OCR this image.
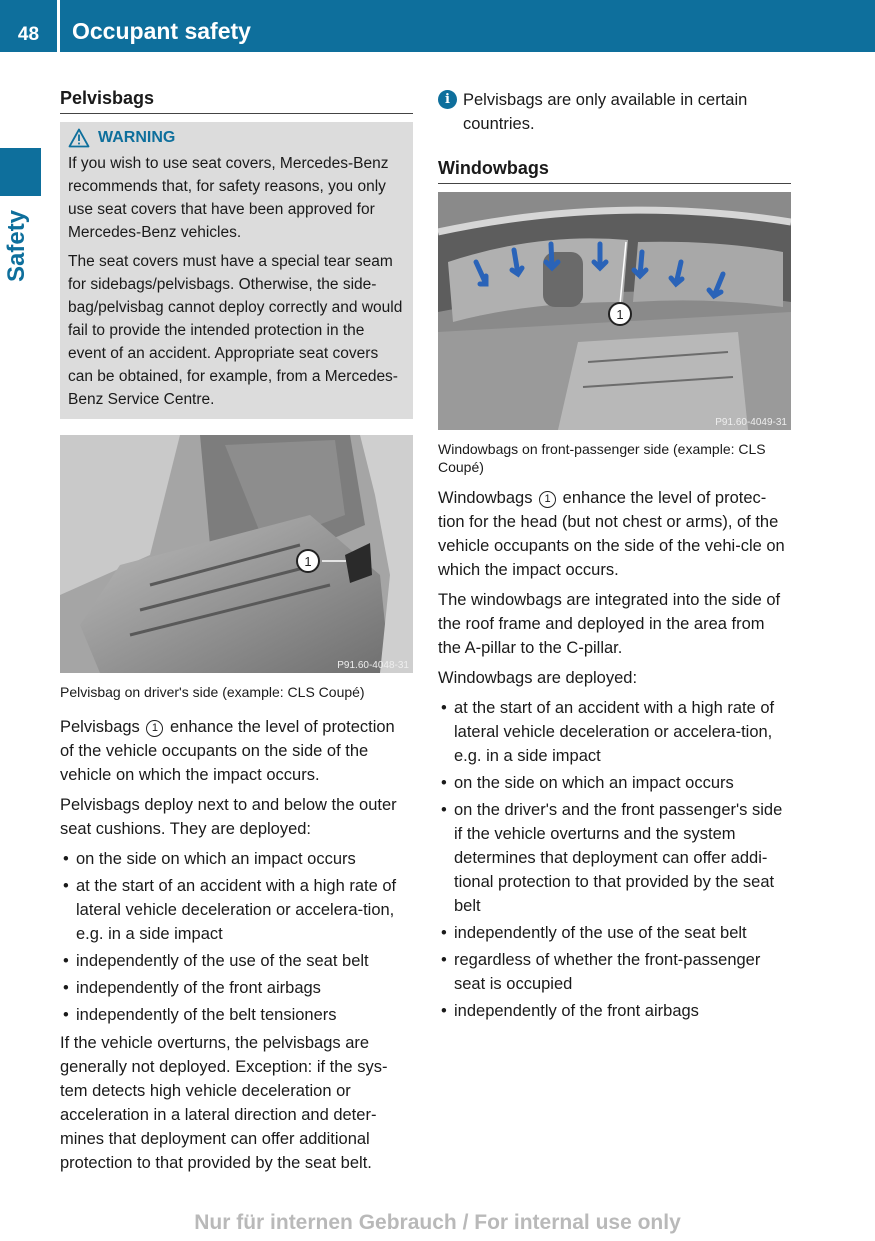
48	Occupant safety
Safety
Pelvisbags
WARNING

If you wish to use seat covers, Mercedes-Benz recommends that, for safety reasons, you only use seat covers that have been approved for Mercedes-Benz vehicles.

The seat covers must have a special tear seam for sidebags/pelvisbags. Otherwise, the side-bag/pelvisbag cannot deploy correctly and would fail to provide the intended protection in the event of an accident. Appropriate seat covers can be obtained, for example, from a Mercedes-Benz Service Centre.

1
P91.60-4048-31
Pelvisbag on driver's side (example: CLS Coupé)

Pelvisbags 1 enhance the level of protection of the vehicle occupants on the side of the vehicle on which the impact occurs.

Pelvisbags deploy next to and below the outer seat cushions. They are deployed:

• on the side on which an impact occurs
• at the start of an accident with a high rate of lateral vehicle deceleration or accelera-tion, e.g. in a side impact
• independently of the use of the seat belt
• independently of the front airbags
• independently of the belt tensioners

If the vehicle overturns, the pelvisbags are generally not deployed. Exception: if the sys-tem detects high vehicle deceleration or acceleration in a lateral direction and deter-mines that deployment can offer additional protection to that provided by the seat belt.

i Pelvisbags are only available in certain countries.
Windowbags
1
P91.60-4049-31
Windowbags on front-passenger side (example: CLS Coupé)

Windowbags 1 enhance the level of protec-tion for the head (but not chest or arms), of the vehicle occupants on the side of the vehi-cle on which the impact occurs.

The windowbags are integrated into the side of the roof frame and deployed in the area from the A-pillar to the C-pillar.

Windowbags are deployed:

• at the start of an accident with a high rate of lateral vehicle deceleration or accelera-tion, e.g. in a side impact
• on the side on which an impact occurs
• on the driver's and the front passenger's side if the vehicle overturns and the system determines that deployment can offer addi-tional protection to that provided by the seat belt
• independently of the use of the seat belt
• regardless of whether the front-passenger seat is occupied
• independently of the front airbags
Nur für internen Gebrauch / For internal use only
